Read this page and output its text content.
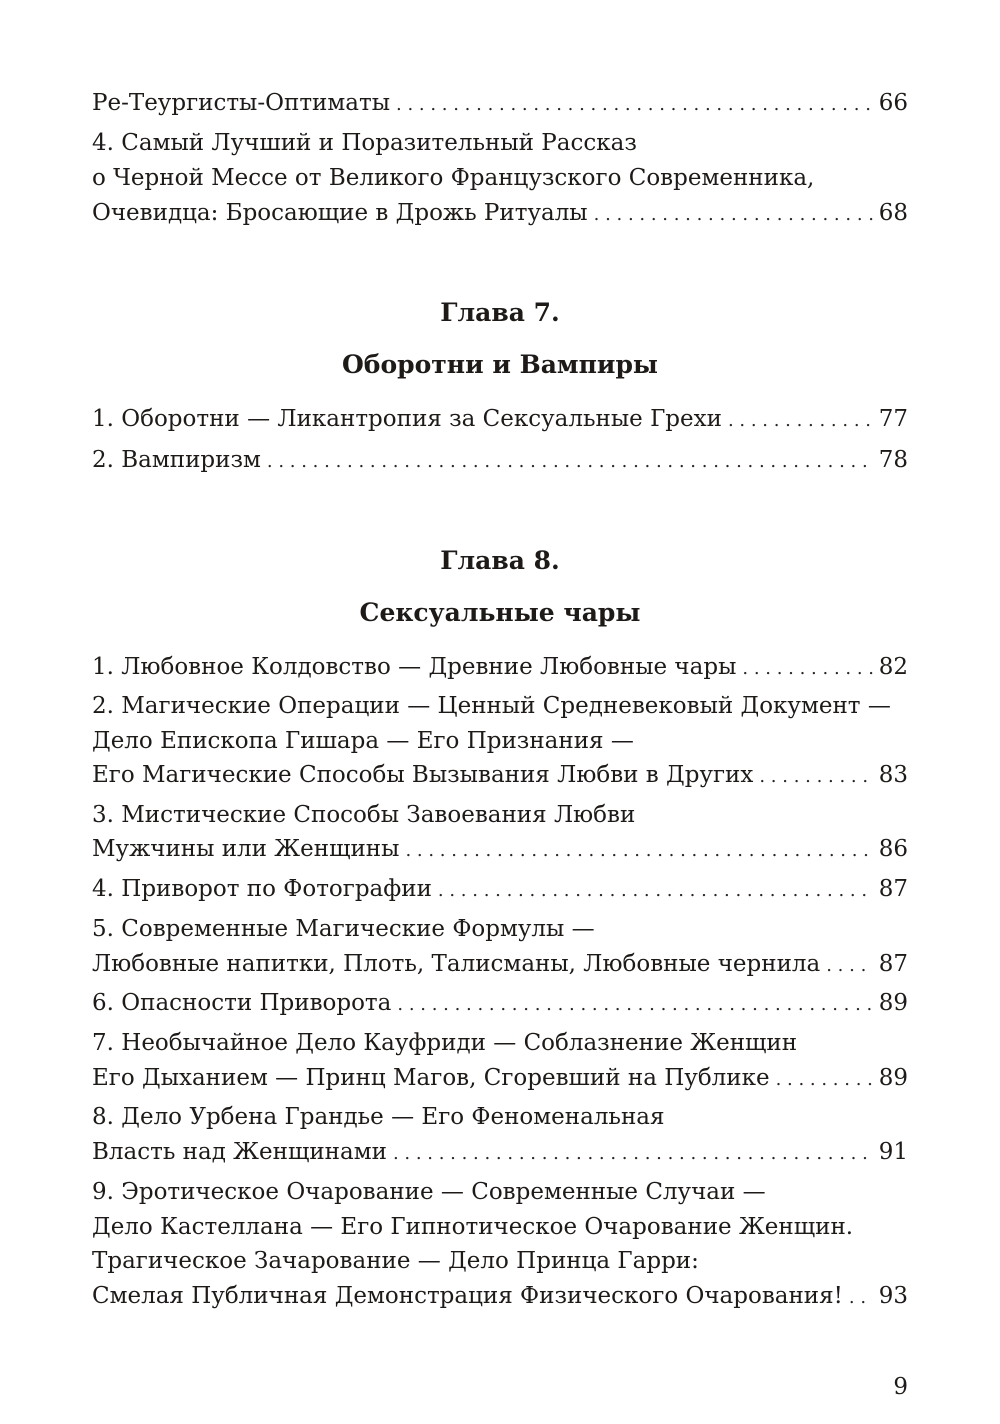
Ре-Теургисты-Оптиматы . . .	66
4. Самый Лучший и Поразительный Рассказ
о Черной Мессе от Великого Французского Современника,
Очевидца: Бросающие в Дрожь Ритуалы . . .	68
Глава 7.
Оборотни и Вампиры
1. Оборотни — Ликантропия за Сексуальные Грехи . . .	77
2. Вампиризм . . .	78
Глава 8.
Сексуальные чары
1. Любовное Колдовство — Древние Любовные чары . . .	82
2. Магические Операции — Ценный Средневековый Документ —
Дело Епископа Гишара — Его Признания —
Его Магические Способы Вызывания Любви в Других . . .	83
3. Мистические Способы Завоевания Любви
Мужчины или Женщины . . .	86
4. Приворот по Фотографии . . .	87
5. Современные Магические Формулы —
Любовные напитки, Плоть, Талисманы, Любовные чернила . . .	87
6. Опасности Приворота . . .	89
7. Необычайное Дело Кауфриди — Соблазнение Женщин
Его Дыханием — Принц Магов, Сгоревший на Публике . . .	89
8. Дело Урбена Грандье — Его Феноменальная
Власть над Женщинами . . .	91
9. Эротическое Очарование — Современные Случаи —
Дело Кастеллана — Его Гипнотическое Очарование Женщин.
Трагическое Зачарование — Дело Принца Гарри:
Смелая Публичная Демонстрация Физического Очарования! . . . 93
9
